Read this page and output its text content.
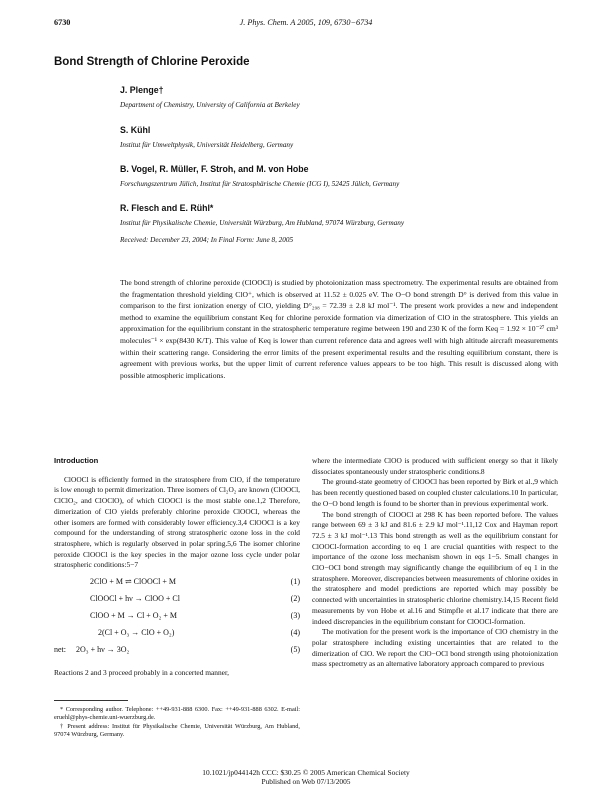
6730	J. Phys. Chem. A 2005, 109, 6730−6734
Bond Strength of Chlorine Peroxide
J. Plenge†
Department of Chemistry, University of California at Berkeley
S. Kühl
Institut für Umweltphysik, Universität Heidelberg, Germany
B. Vogel, R. Müller, F. Stroh, and M. von Hobe
Forschungszentrum Jülich, Institut für Stratosphärische Chemie (ICG I), 52425 Jülich, Germany
R. Flesch and E. Rühl*
Institut für Physikalische Chemie, Universität Würzburg, Am Hubland, 97074 Würzburg, Germany
Received: December 23, 2004; In Final Form: June 8, 2005
The bond strength of chlorine peroxide (ClOOCl) is studied by photoionization mass spectrometry. The experimental results are obtained from the fragmentation threshold yielding ClO⁺, which is observed at 11.52 ± 0.025 eV. The O−O bond strength D° is derived from this value in comparison to the first ionization energy of ClO, yielding D°₂₉₈ = 72.39 ± 2.8 kJ mol⁻¹. The present work provides a new and independent method to examine the equilibrium constant Keq for chlorine peroxide formation via dimerization of ClO in the stratosphere. This yields an approximation for the equilibrium constant in the stratospheric temperature regime between 190 and 230 K of the form Keq = 1.92 × 10⁻²⁷ cm³ molecules⁻¹ × exp(8430 K/T). This value of Keq is lower than current reference data and agrees well with high altitude aircraft measurements within their scattering range. Considering the error limits of the present experimental results and the resulting equilibrium constant, there is agreement with previous works, but the upper limit of current reference values appears to be too high. This result is discussed along with possible atmospheric implications.
Introduction

ClOOCl is efficiently formed in the stratosphere from ClO, if the temperature is low enough to permit dimerization. Three isomers of Cl₂O₂ are known (ClOOCl, ClClO₂, and ClOClO), of which ClOOCl is the most stable one.1,2 Therefore, dimerization of ClO yields preferably chlorine peroxide ClOOCl, whereas the other isomers are formed with considerably lower efficiency.3,4 ClOOCl is a key compound for the understanding of strong stratospheric ozone loss in the cold stratosphere, which is regularly observed in polar spring.5,6 The isomer chlorine peroxide ClOOCl is the key species in the major ozone loss cycle under polar stratospheric conditions:5−7

2ClO + M ⇌ ClOOCl + M	(1)
ClOOCl + hν → ClOO + Cl	(2)
ClOO + M → Cl + O₂ + M	(3)
2(Cl + O₃ → ClO + O₂)	(4)
net: 2O₃ + hν → 3O₂	(5)

Reactions 2 and 3 proceed probably in a concerted manner,

where the intermediate ClOO is produced with sufficient energy so that it likely dissociates spontaneously under stratospheric conditions.8

The ground-state geometry of ClOOCl has been reported by Birk et al.,9 which has been recently questioned based on coupled cluster calculations.10 In particular, the O−O bond length is found to be shorter than in previous experimental work.

The bond strength of ClOOCl at 298 K has been reported before. The values range between 69 ± 3 kJ and 81.6 ± 2.9 kJ mol⁻¹.11,12 Cox and Hayman report 72.5 ± 3 kJ mol⁻¹.13 This bond strength as well as the equilibrium constant for ClOOCl-formation according to eq 1 are crucial quantities with respect to the importance of the ozone loss mechanism shown in eqs 1−5. Small changes in ClO−OCl bond strength may significantly change the equilibrium of eq 1 in the stratosphere. Moreover, discrepancies between measurements of chlorine oxides in the stratosphere and model predictions are reported which may possibly be connected with uncertainties in stratospheric chlorine chemistry.14,15 Recent field measurements by von Hobe et al.16 and Stimpfle et al.17 indicate that there are indeed discrepancies in the equilibrium constant for ClOOCl-formation.

The motivation for the present work is the importance of ClO chemistry in the polar stratosphere including existing uncertainties that are related to the dimerization of ClO. We report the ClO−OCl bond strength using photoionization mass spectrometry as an alternative laboratory approach compared to previous

* Corresponding author. Telephone: ++49-931-888 6300. Fax: ++49-931-888 6302. E-mail: eruehl@phys-chemie.uni-wuerzburg.de.

† Present address: Institut für Physikalische Chemie, Universität Würzburg, Am Hubland, 97074 Würzburg, Germany.

10.1021/jp044142h CCC: $30.25 © 2005 American Chemical Society
Published on Web 07/13/2005
